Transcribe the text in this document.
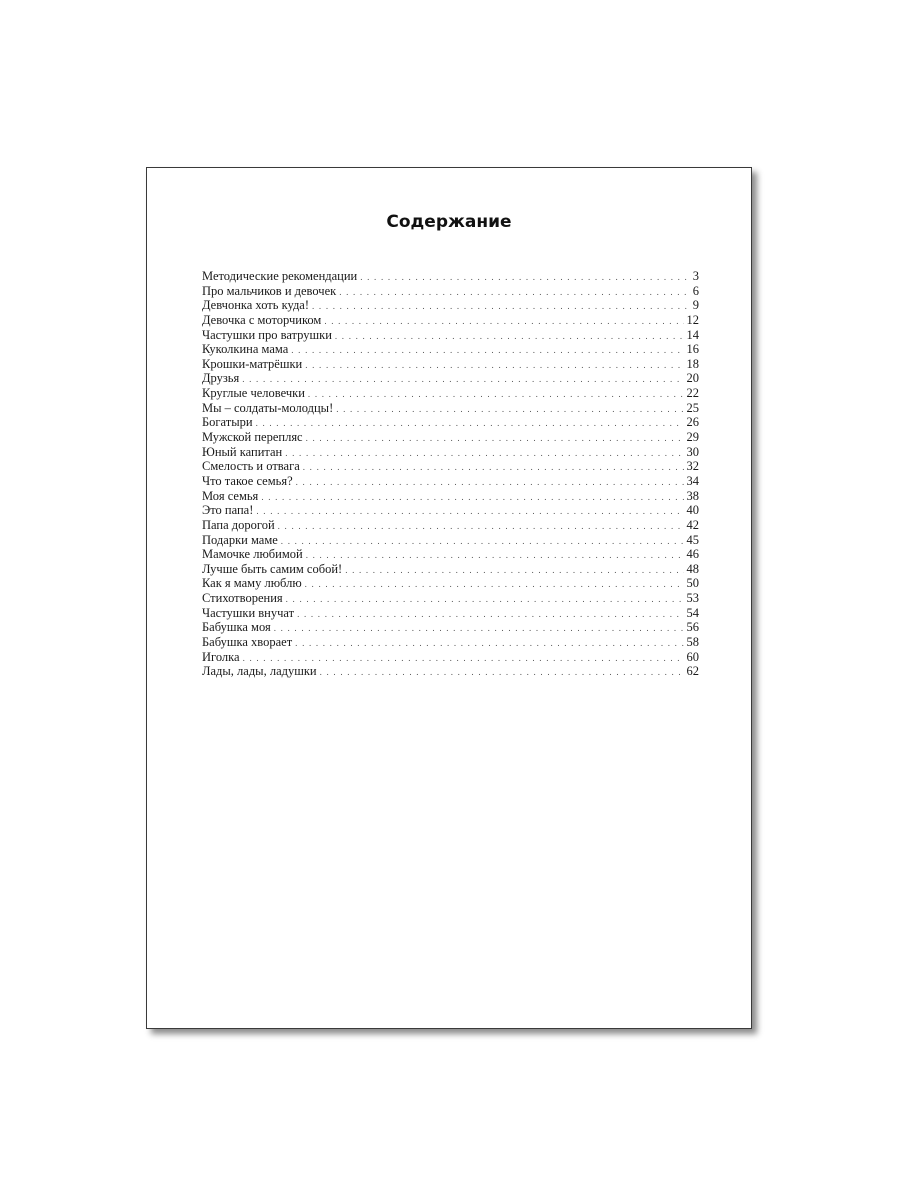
Содержание
Методические рекомендации . . .	3
Про мальчиков и девочек . . .	6
Девчонка хоть куда! . . .	9
Девочка с моторчиком . . .	12
Частушки про ватрушки . . .	14
Куколкина мама . . .	16
Крошки-матрёшки . . .	18
Друзья . . .	20
Круглые человечки . . .	22
Мы – солдаты-молодцы! . . .	25
Богатыри . . .	26
Мужской перепляс . . .	29
Юный капитан . . .	30
Смелость и отвага . . .	32
Что такое семья? . . .	34
Моя семья . . .	38
Это папа! . . .	40
Папа дорогой . . .	42
Подарки маме . . .	45
Мамочке любимой . . .	46
Лучше быть самим собой! . . .	48
Как я маму люблю . . .	50
Стихотворения . . .	53
Частушки внучат . . .	54
Бабушка моя . . .	56
Бабушка хворает . . .	58
Иголка . . .	60
Лады, лады, ладушки . . .	62
